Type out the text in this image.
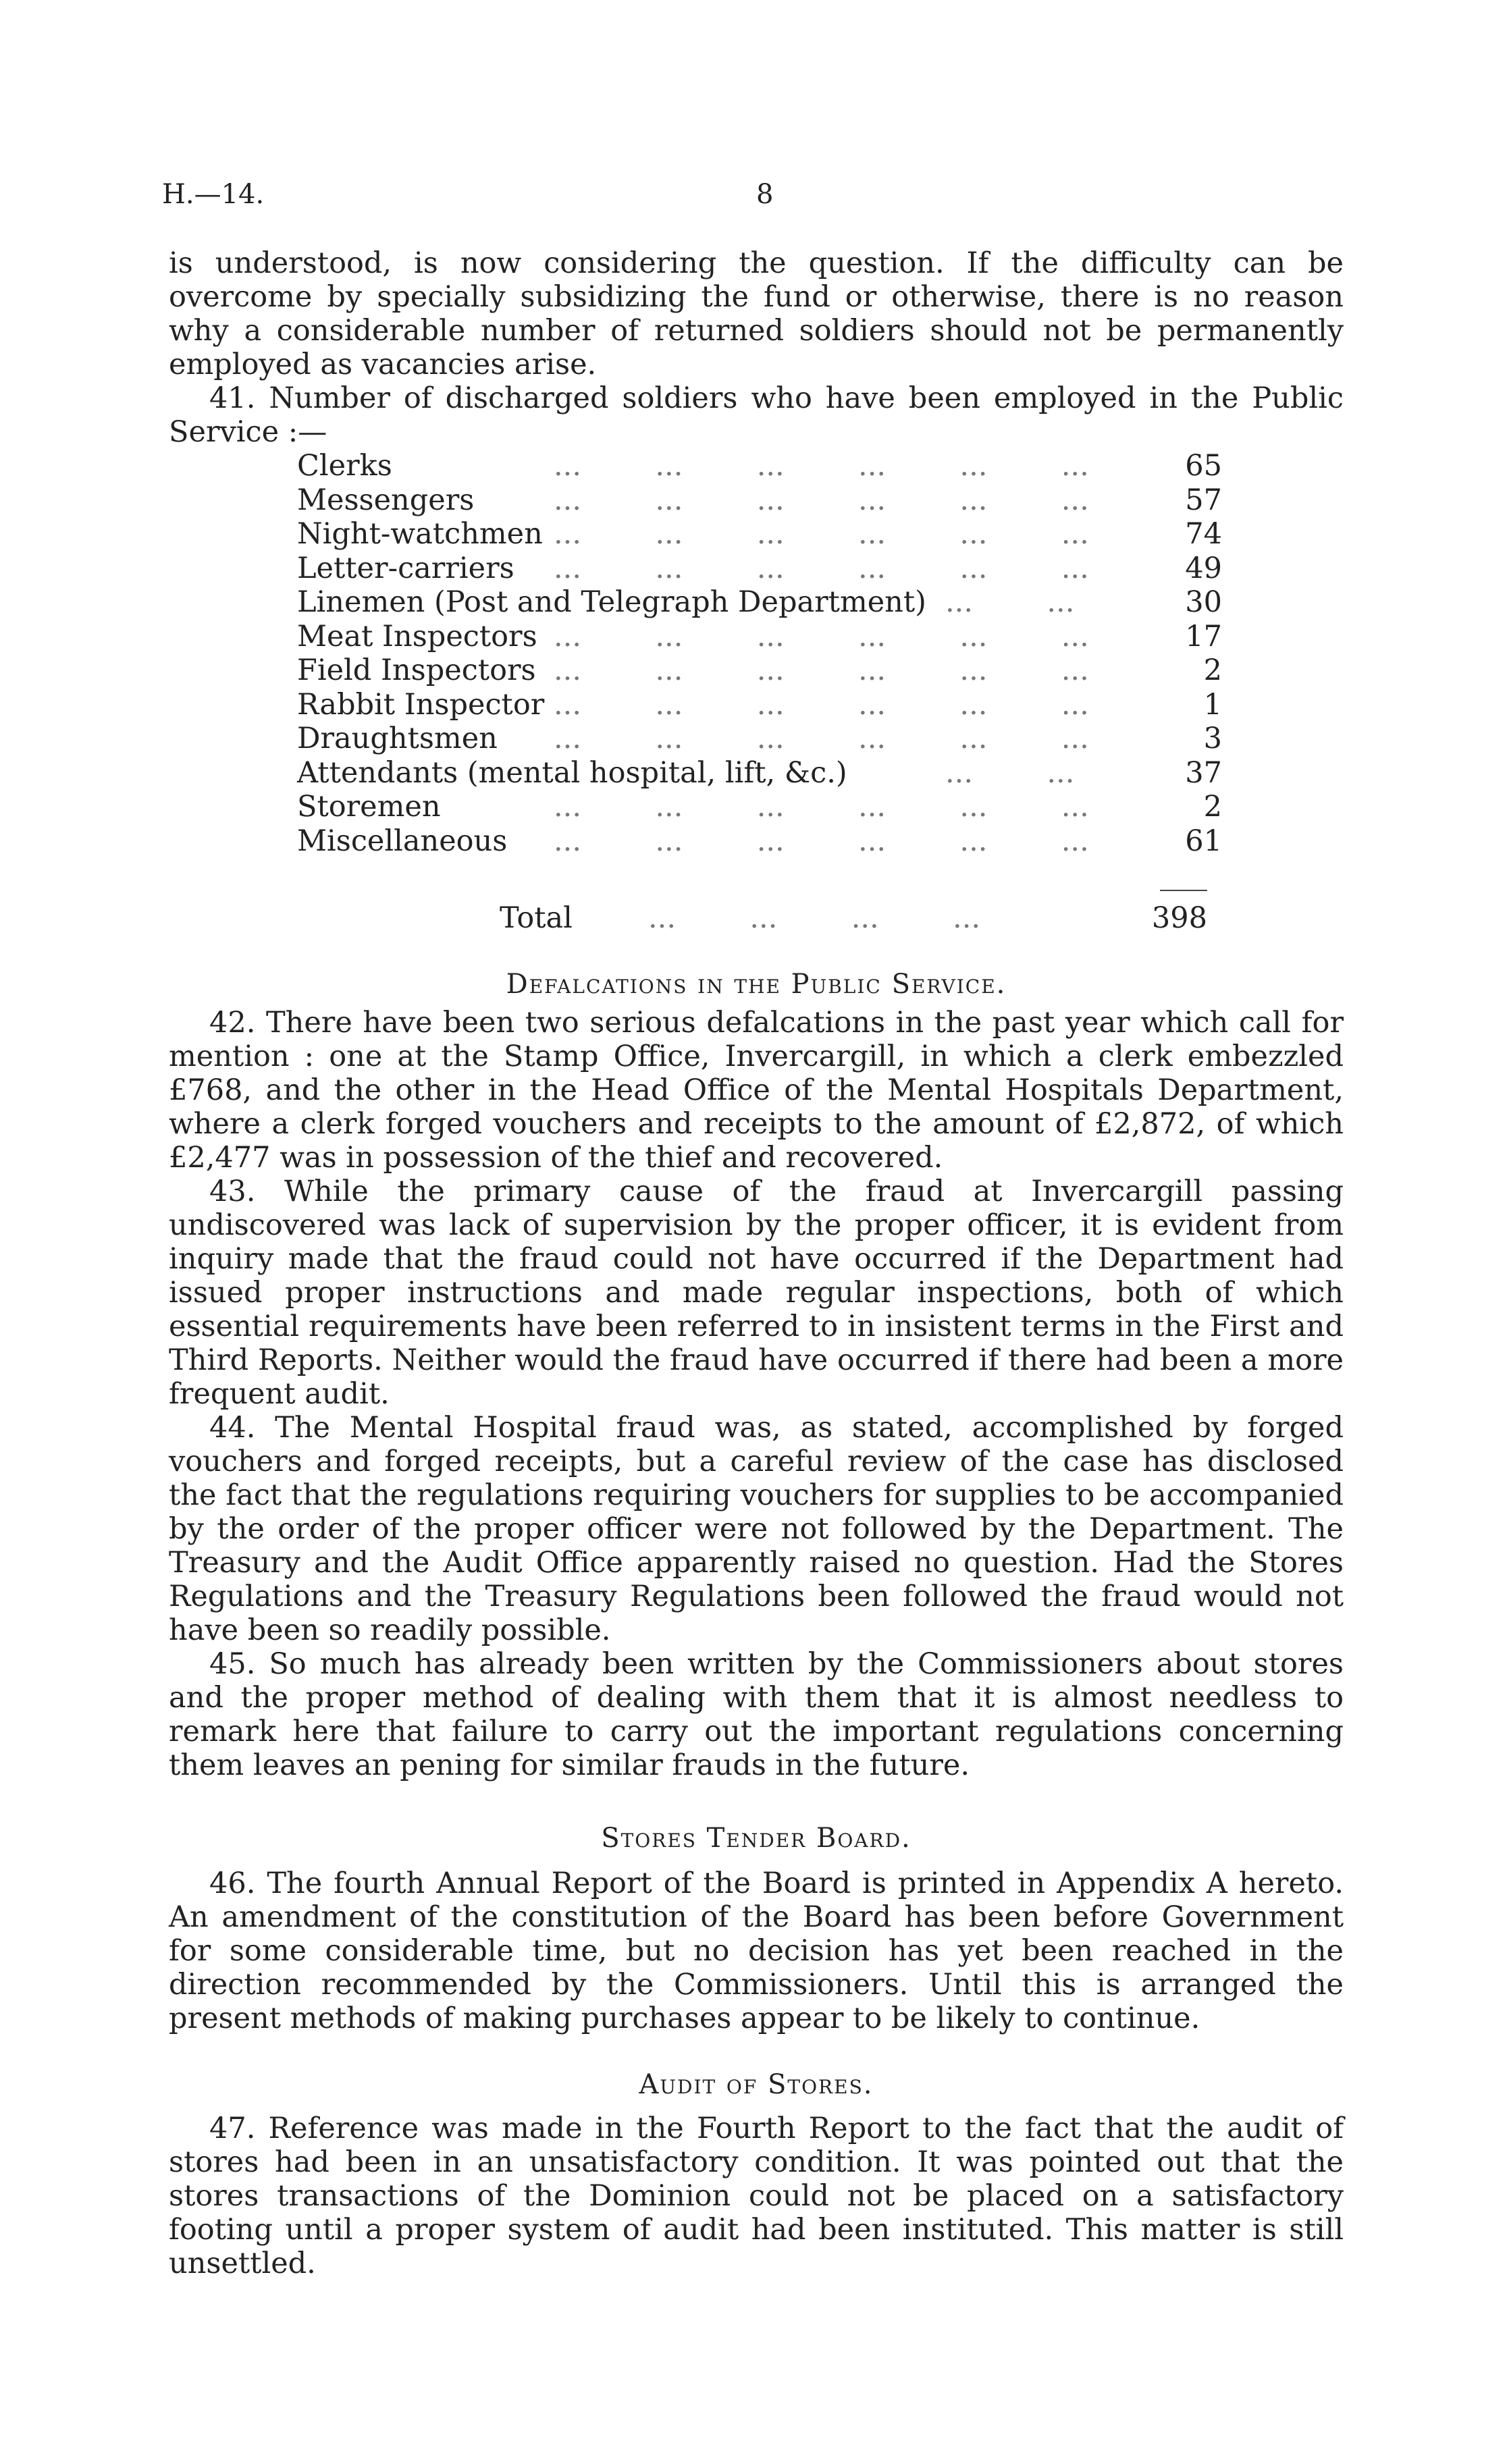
H.—14.	8

is understood, is now considering the question. If the difficulty can be overcome by specially subsidizing the fund or otherwise, there is no reason why a considerable number of returned soldiers should not be permanently employed as vacancies arise.

41. Number of discharged soldiers who have been employed in the Public Service :—

Clerks	...        ...        ...        ...        ...        ...	65
Messengers	...        ...        ...        ...        ...        ...	57
Night-watchmen ...        ...        ...        ...        ...        ...	74
Letter-carriers ...        ...        ...        ...        ...        ...	49
Linemen (Post and Telegraph Department) ...        ...	30
Meat Inspectors ...        ...        ...        ...        ...        ...	17
Field Inspectors ...        ...        ...        ...        ...        ...	2
Rabbit Inspector ...        ...        ...        ...        ...        ...	1
Draughtsmen ...        ...        ...        ...        ...        ...	3
Attendants (mental hospital, lift, &c.)	...        ...	37
Storemen	...        ...        ...        ...        ...        ...	2
Miscellaneous ...        ...        ...        ...        ...        ...	61
Total	...        ...        ...        ...	398
Defalcations in the Public Service.

42. There have been two serious defalcations in the past year which call for mention : one at the Stamp Office, Invercargill, in which a clerk embezzled £768, and the other in the Head Office of the Mental Hospitals Department, where a clerk forged vouchers and receipts to the amount of £2,872, of which £2,477 was in possession of the thief and recovered.

43. While the primary cause of the fraud at Invercargill passing undiscovered was lack of supervision by the proper officer, it is evident from inquiry made that the fraud could not have occurred if the Department had issued proper instructions and made regular inspections, both of which essential requirements have been referred to in insistent terms in the First and Third Reports. Neither would the fraud have occurred if there had been a more frequent audit.

44. The Mental Hospital fraud was, as stated, accomplished by forged vouchers and forged receipts, but a careful review of the case has disclosed the fact that the regulations requiring vouchers for supplies to be accompanied by the order of the proper officer were not followed by the Department. The Treasury and the Audit Office apparently raised no question. Had the Stores Regulations and the Treasury Regulations been followed the fraud would not have been so readily possible.

45. So much has already been written by the Commissioners about stores and the proper method of dealing with them that it is almost needless to remark here that failure to carry out the important regulations concerning them leaves an pening for similar frauds in the future.

Stores Tender Board.

46. The fourth Annual Report of the Board is printed in Appendix A hereto. An amendment of the constitution of the Board has been before Government for some considerable time, but no decision has yet been reached in the direction recommended by the Commissioners. Until this is arranged the present methods of making purchases appear to be likely to continue.

Audit of Stores.

47. Reference was made in the Fourth Report to the fact that the audit of stores had been in an unsatisfactory condition. It was pointed out that the stores transactions of the Dominion could not be placed on a satisfactory footing until a proper system of audit had been instituted. This matter is still unsettled.
